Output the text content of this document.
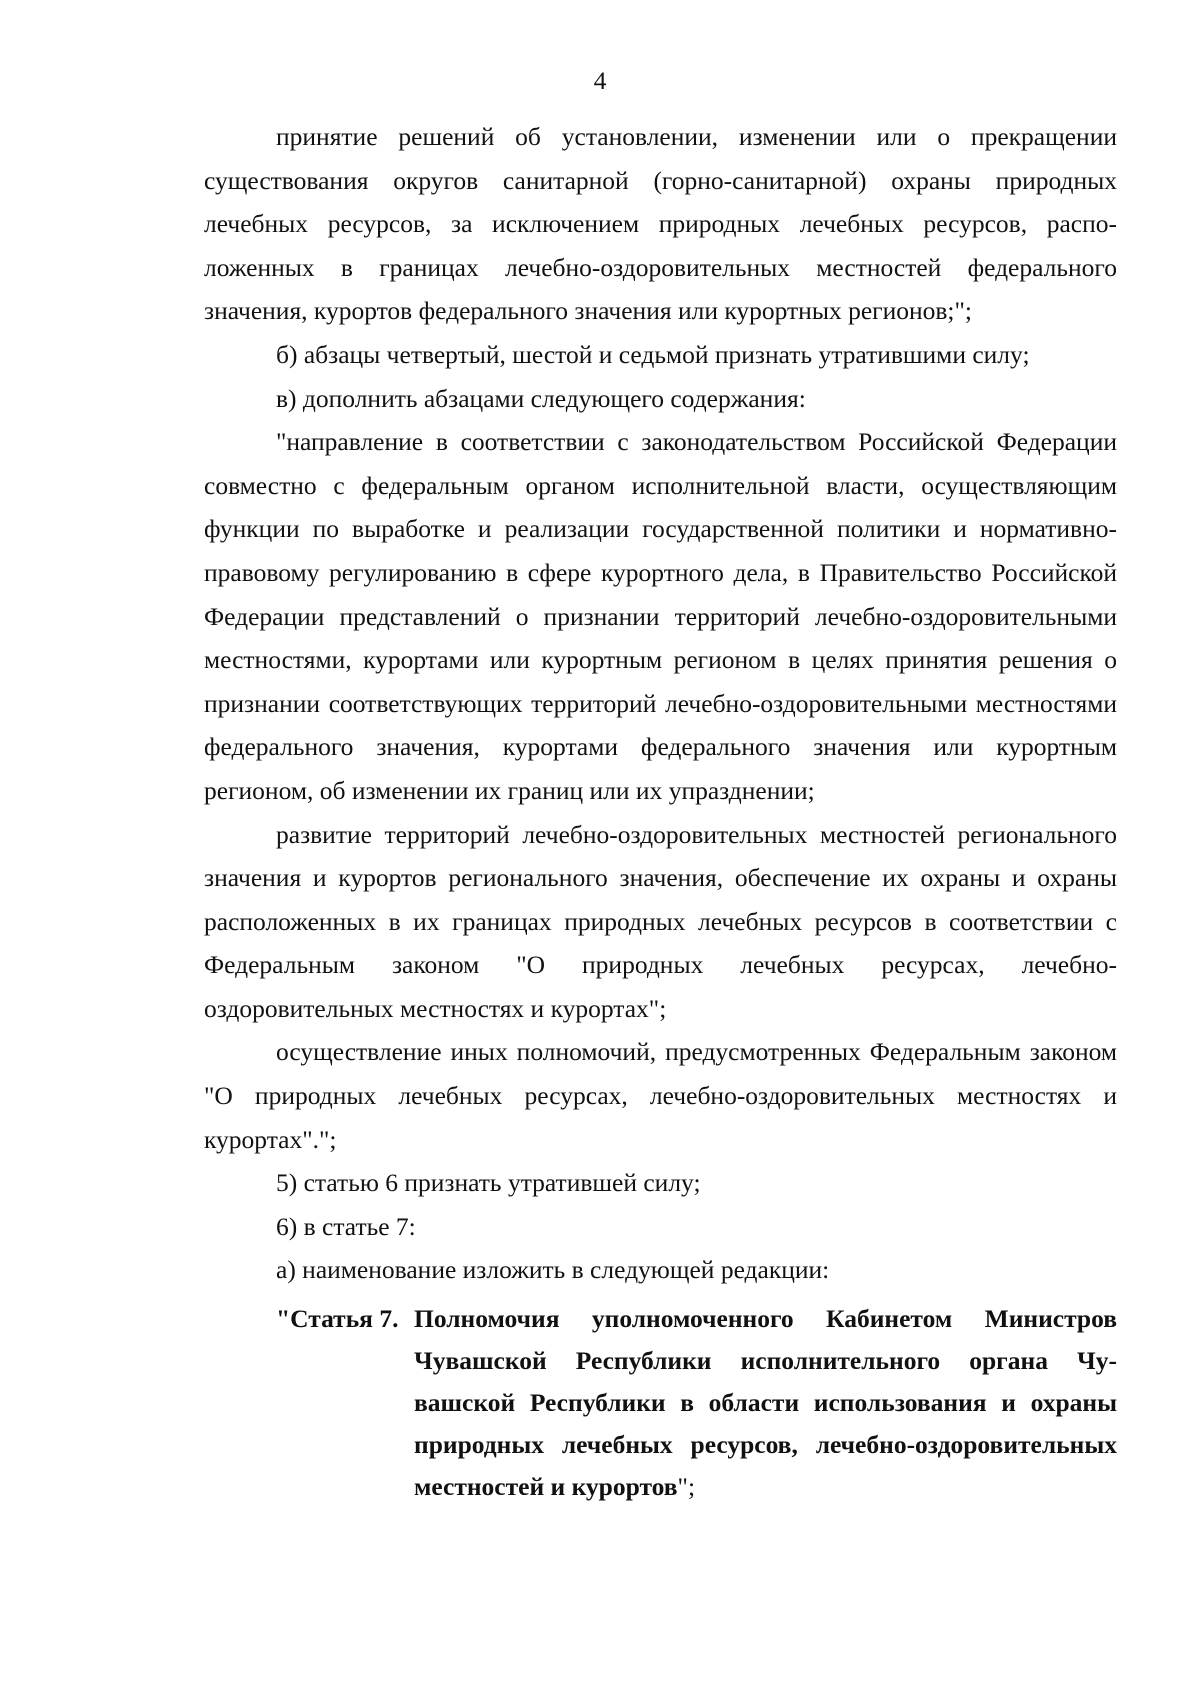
4

принятие решений об установлении, изменении или о прекращении существования округов санитарной (горно-санитарной) охраны природных лечебных ресурсов, за исключением природных лечебных ресурсов, расположенных в границах лечебно-оздоровительных местностей федерального значения, курортов федерального значения или курортных регионов;";

б) абзацы четвертый, шестой и седьмой признать утратившими силу;

в) дополнить абзацами следующего содержания:

"направление в соответствии с законодательством Российской Федерации совместно с федеральным органом исполнительной власти, осуществляющим функции по выработке и реализации государственной политики и нормативно-правовому регулированию в сфере курортного дела, в Правительство Российской Федерации представлений о признании территорий лечебно-оздоровительными местностями, курортами или курортным регионом в целях принятия решения о признании соответствующих территорий лечебно-оздоровительными местностями федерального значения, курортами федерального значения или курортным регионом, об изменении их границ или их упразднении;

развитие территорий лечебно-оздоровительных местностей регионального значения и курортов регионального значения, обеспечение их охраны и охраны расположенных в их границах природных лечебных ресурсов в соответствии с Федеральным законом "О природных лечебных ресурсах, лечебно-оздоровительных местностях и курортах";

осуществление иных полномочий, предусмотренных Федеральным законом "О природных лечебных ресурсах, лечебно-оздоровительных местностях и курортах".";

5) статью 6 признать утратившей силу;

6) в статье 7:

а) наименование изложить в следующей редакции:

"Статья 7. Полномочия уполномоченного Кабинетом Министров Чувашской Республики исполнительного органа Чувашской Республики в области использования и охраны природных лечебных ресурсов, лечебно-оздоровительных местностей и курортов";
